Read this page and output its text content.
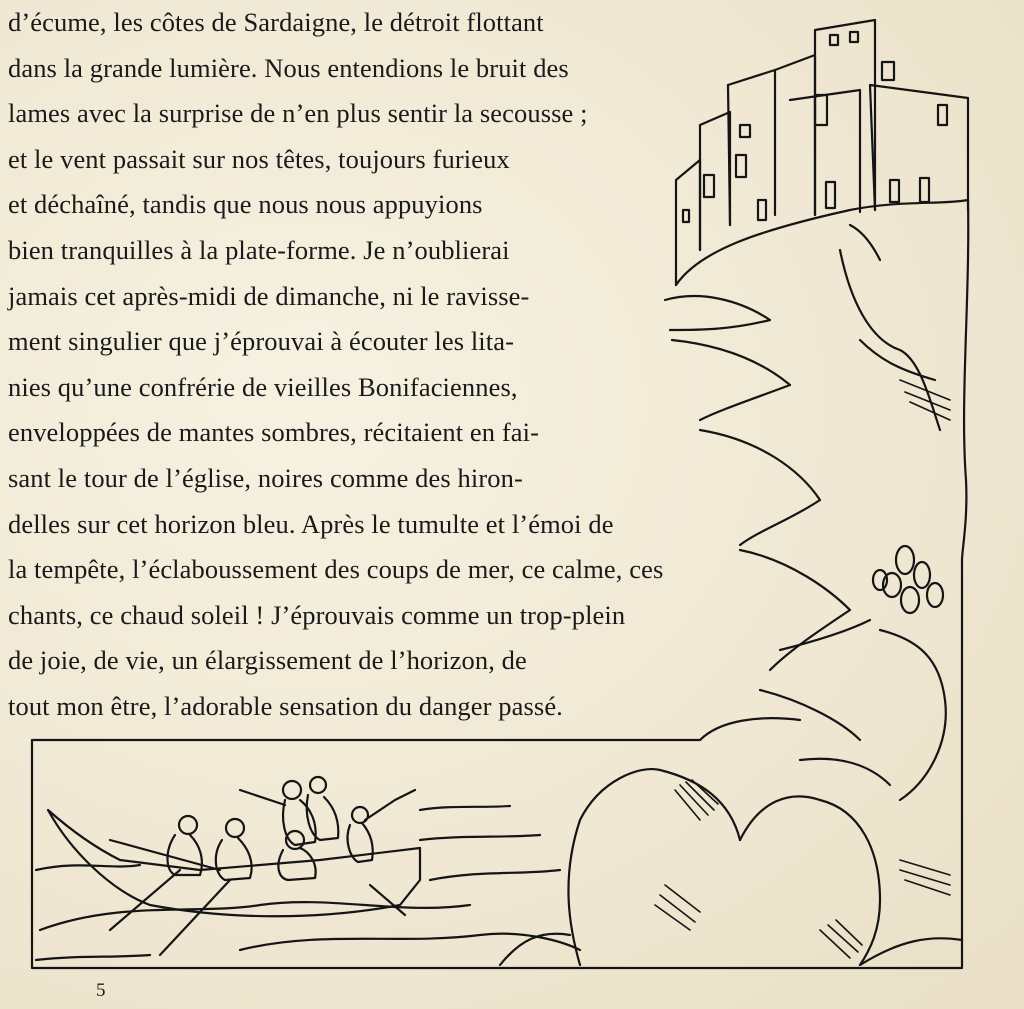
d’écume, les côtes de Sardaigne, le détroit flottant
dans la grande lumière. Nous entendions le bruit des
lames avec la surprise de n’en plus sentir la secousse ;
et le vent passait sur nos têtes, toujours furieux
et déchaîné, tandis que nous nous appuyions
bien tranquilles à la plate-forme. Je n’oublierai
jamais cet après-midi de dimanche, ni le ravisse-
ment singulier que j’éprouvai à écouter les lita-
nies qu’une confrérie de vieilles Bonifaciennes,
enveloppées de mantes sombres, récitaient en fai-
sant le tour de l’église, noires comme des hiron-
delles sur cet horizon bleu. Après le tumulte et l’émoi de
la tempête, l’éclaboussement des coups de mer, ce calme, ces
chants, ce chaud soleil ! J’éprouvais comme un trop-plein
de joie, de vie, un élargissement de l’horizon, de
tout mon être, l’adorable sensation du danger passé.
5
